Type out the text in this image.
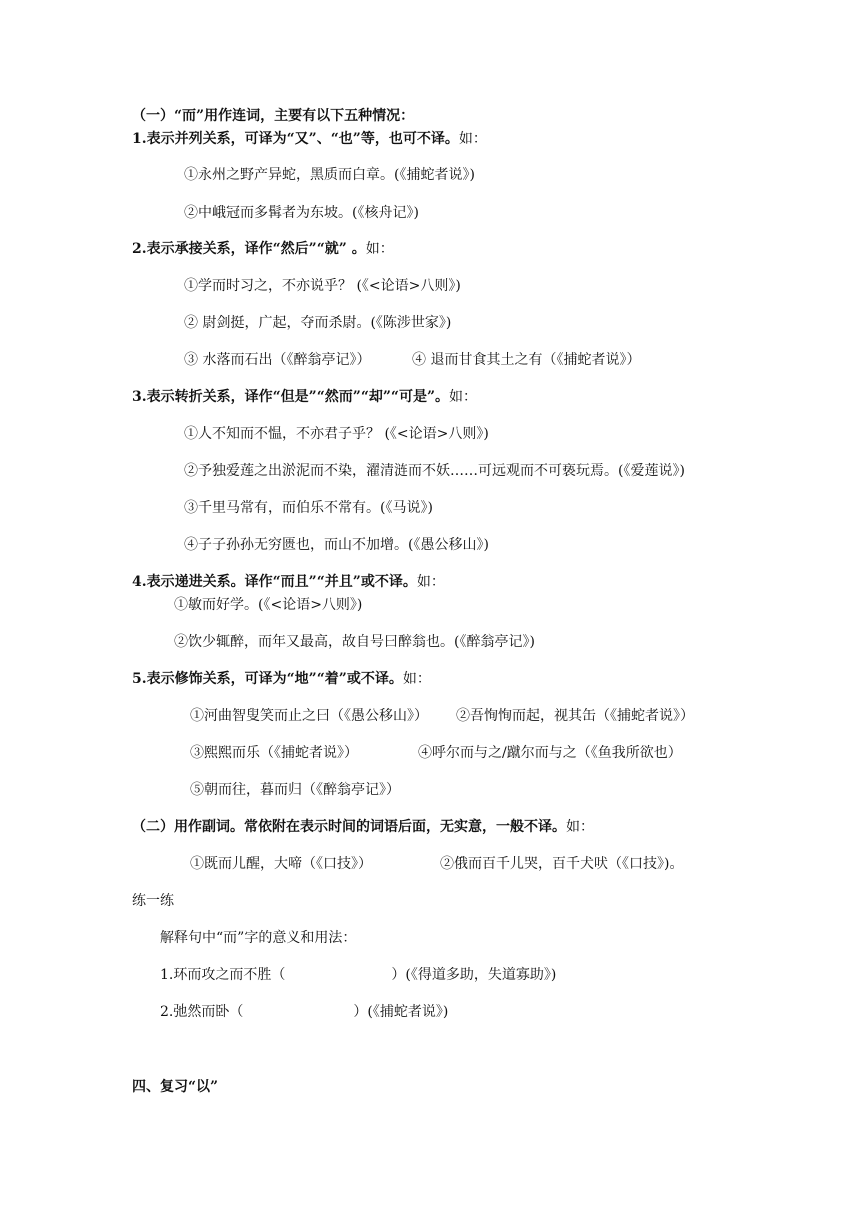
（一）“而”用作连词，主要有以下五种情况：
1.表示并列关系，可译为“又”、“也”等，也可不译。如：
①永州之野产异蛇，黑质而白章。(《捕蛇者说》)
②中峨冠而多髯者为东坡。(《核舟记》)
2.表示承接关系，译作“然后”“就” 。如：
①学而时习之，不亦说乎？ (《<论语>八则》)
② 尉剑挺，广起，夺而杀尉。(《陈涉世家》)
③ 水落而石出（《醉翁亭记》）	④ 退而甘食其土之有（《捕蛇者说》）
3.表示转折关系，译作“但是”“然而”“却”“可是”。如：
①人不知而不愠，不亦君子乎？ (《<论语>八则》)
②予独爱莲之出淤泥而不染，濯清涟而不妖……可远观而不可亵玩焉。(《爱莲说》)
③千里马常有，而伯乐不常有。(《马说》)
④子子孙孙无穷匮也，而山不加增。(《愚公移山》)
4.表示递进关系。译作“而且”“并且”或不译。如：
①敏而好学。(《<论语>八则》)
②饮少辄醉，而年又最高，故自号曰醉翁也。(《醉翁亭记》)
5.表示修饰关系，可译为“地”“着”或不译。如：
①河曲智叟笑而止之曰（《愚公移山》） ②吾恂恂而起，视其缶（《捕蛇者说》）
③熙熙而乐（《捕蛇者说》）	④呼尔而与之/蹴尔而与之（《鱼我所欲也）
⑤朝而往，暮而归（《醉翁亭记》）
（二）用作副词。常依附在表示时间的词语后面，无实意，一般不译。如：
①既而儿醒，大啼（《口技》）	②俄而百千儿哭，百千犬吠（《口技》)。
练一练
解释句中“而”字的意义和用法：
1.环而攻之而不胜（	）(《得道多助，失道寡助》)
2.弛然而卧（	）(《捕蛇者说》)
四、复习“以”
